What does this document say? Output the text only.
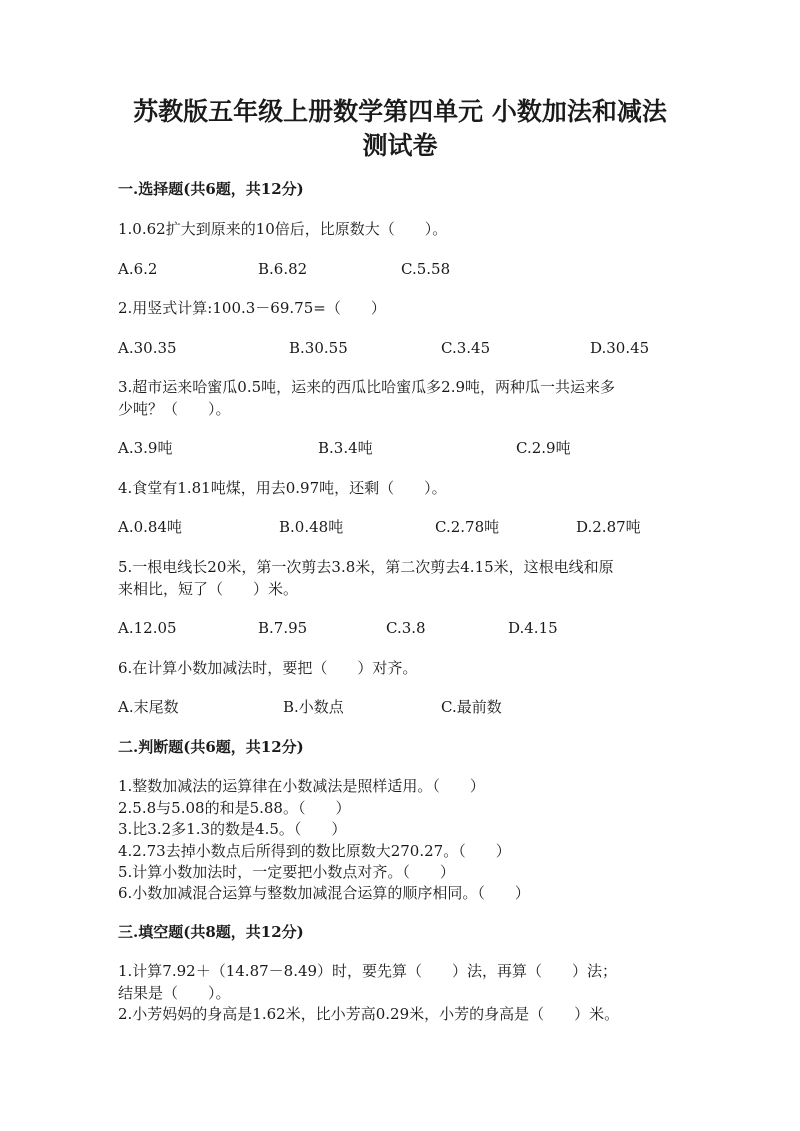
苏教版五年级上册数学第四单元 小数加法和减法
测试卷
一.选择题(共6题，共12分)
1.0.62扩大到原来的10倍后，比原数大（　　）。
A.6.2	B.6.82	C.5.58
2.用竖式计算:100.3－69.75=（　　）
A.30.35	B.30.55	C.3.45	D.30.45
3.超市运来哈蜜瓜0.5吨，运来的西瓜比哈蜜瓜多2.9吨，两种瓜一共运来多
少吨？（　　）。
A.3.9吨	B.3.4吨	C.2.9吨
4.食堂有1.81吨煤，用去0.97吨，还剩（　　）。
A.0.84吨	B.0.48吨	C.2.78吨	D.2.87吨
5.一根电线长20米，第一次剪去3.8米，第二次剪去4.15米，这根电线和原
来相比，短了（　　）米。
A.12.05	B.7.95	C.3.8	D.4.15
6.在计算小数加减法时，要把（　　）对齐。
A.末尾数	B.小数点	C.最前数
二.判断题(共6题，共12分)
1.整数加减法的运算律在小数减法是照样适用。（　　）
2.5.8与5.08的和是5.88。（　　）
3.比3.2多1.3的数是4.5。（　　）
4.2.73去掉小数点后所得到的数比原数大270.27。（　　）
5.计算小数加法时，一定要把小数点对齐。（　　）
6.小数加减混合运算与整数加减混合运算的顺序相同。（　　）
三.填空题(共8题，共12分)
1.计算7.92＋（14.87－8.49）时，要先算（　　）法，再算（　　）法；
结果是（　　）。
2.小芳妈妈的身高是1.62米，比小芳高0.29米，小芳的身高是（　　）米。
